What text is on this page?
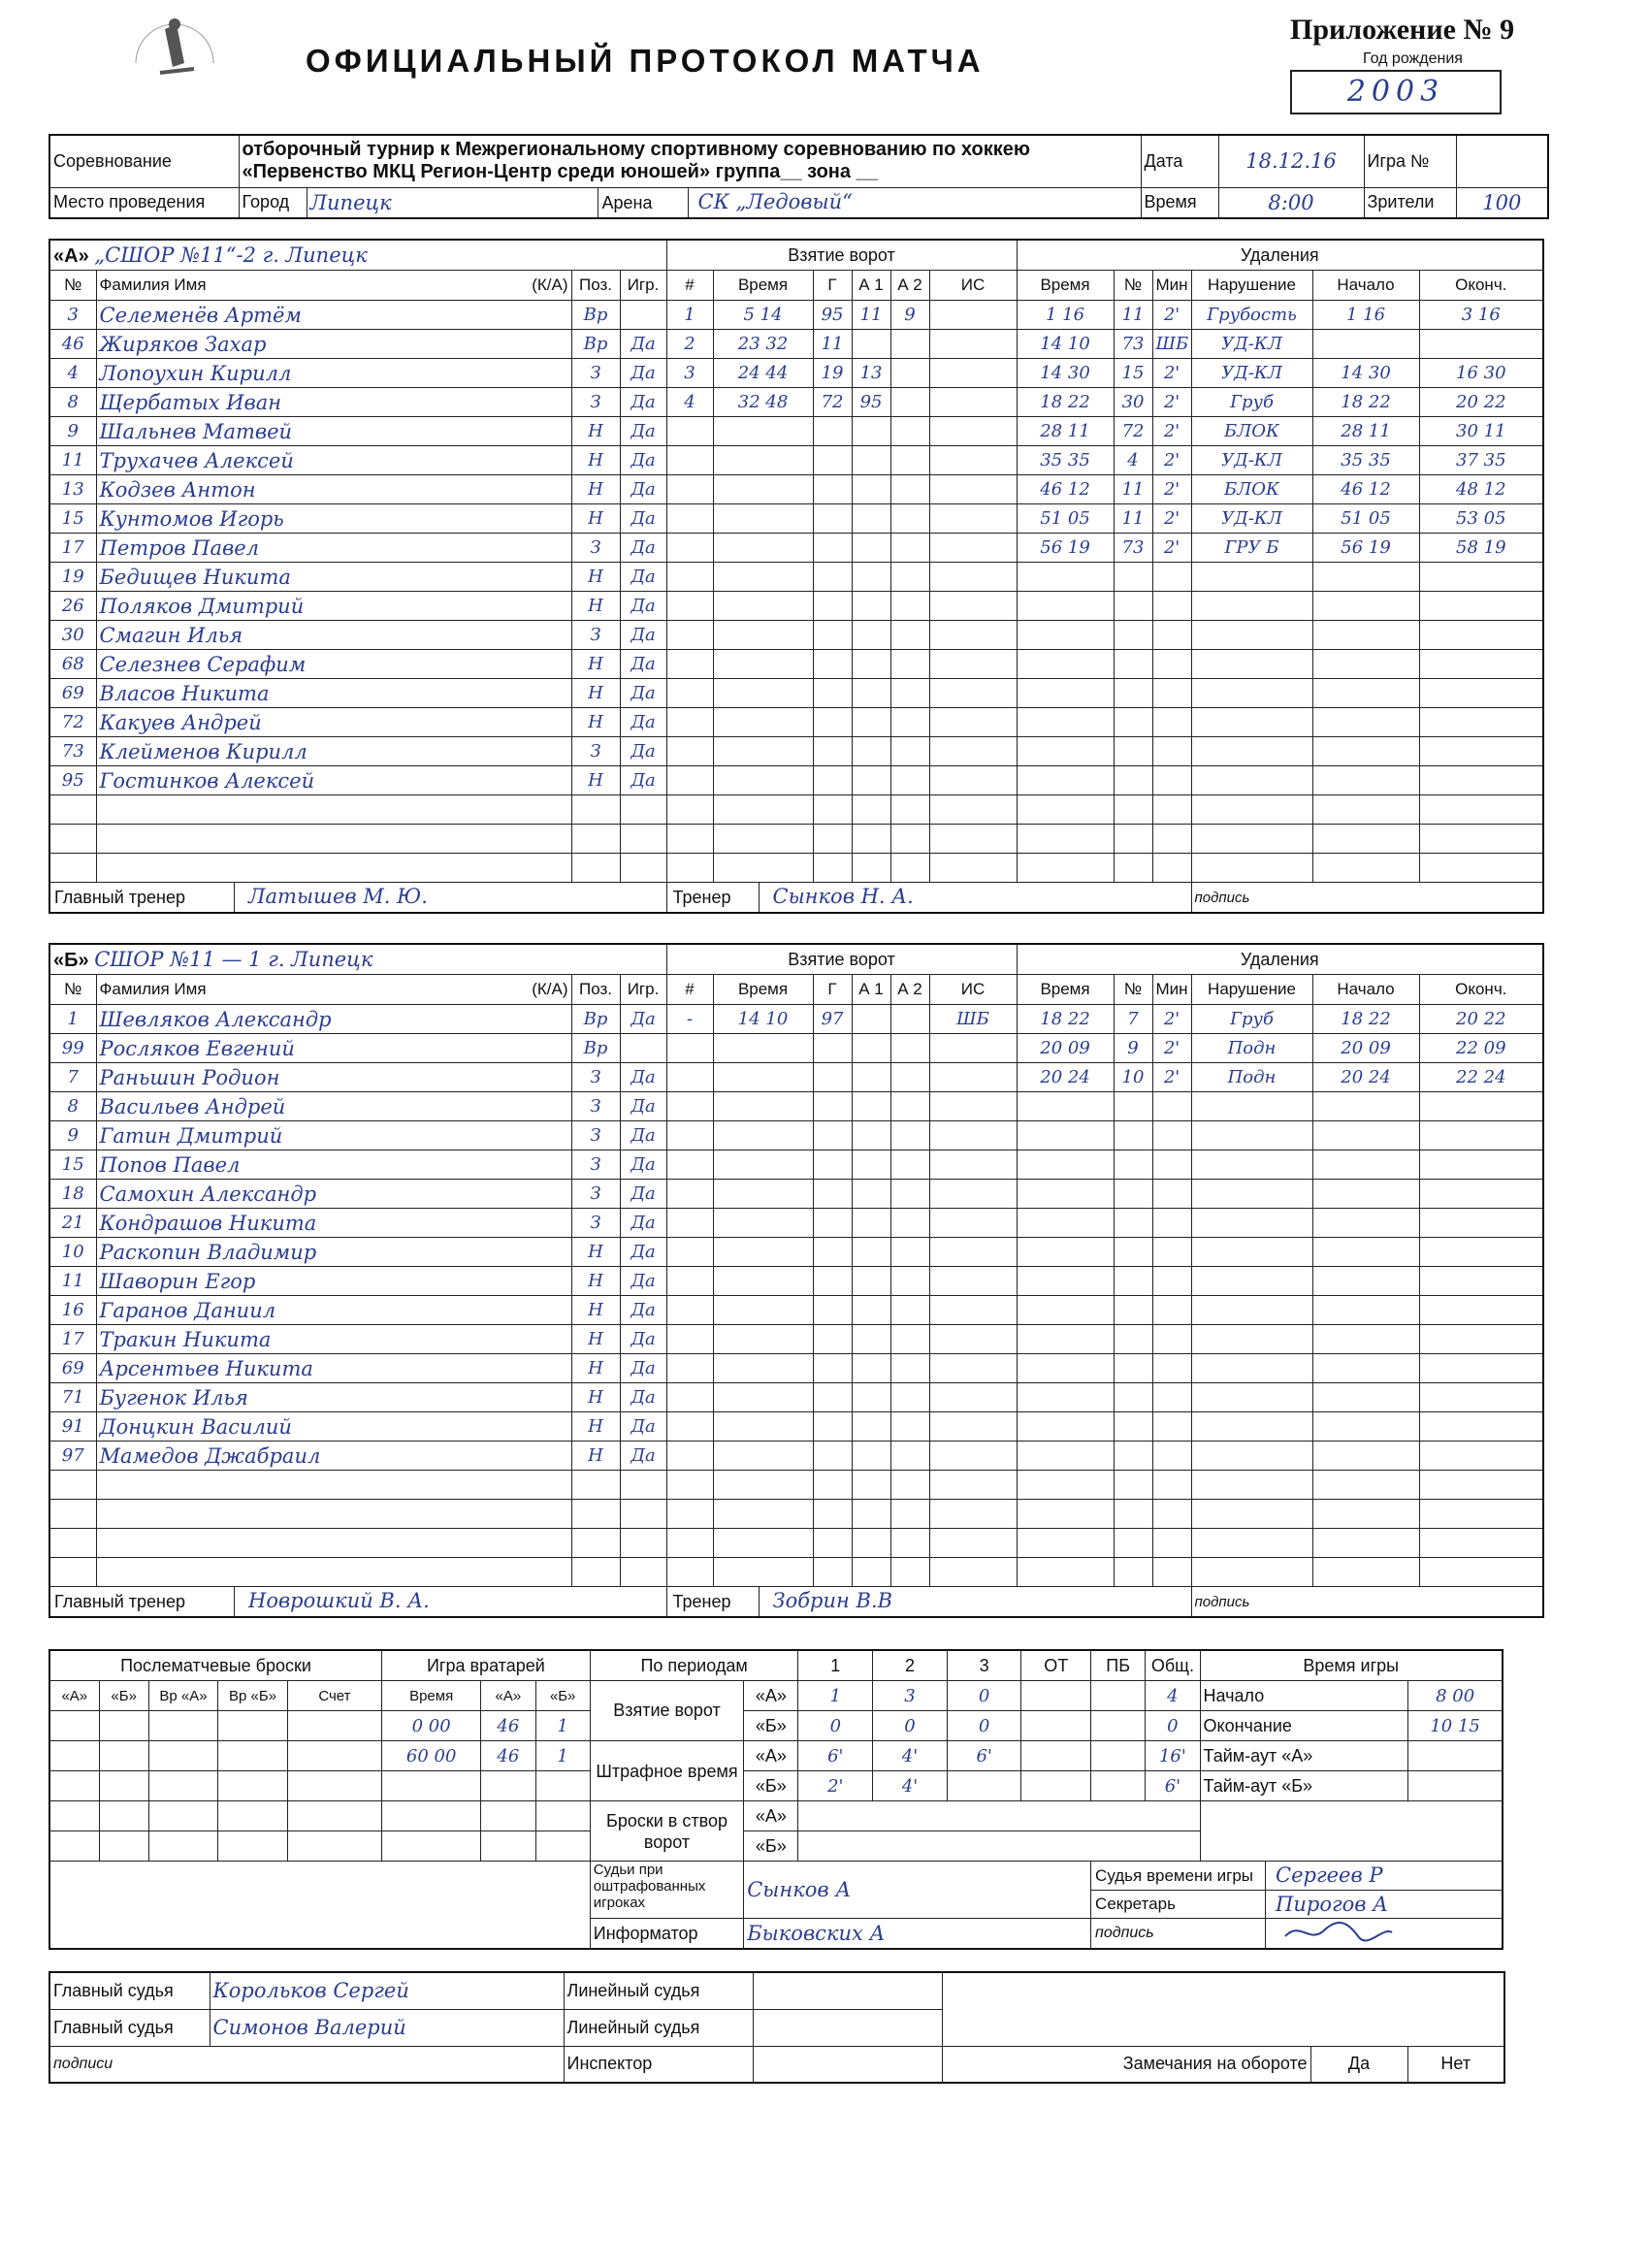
ОФИЦИАЛЬНЫЙ ПРОТОКОЛ МАТЧА
Приложение № 9
Год рождения
2003
Соревнование	отборочный турнир к Межрегиональному спортивному соревнованию по хоккею «Первенство МКЦ Регион-Центр среди юношей» группа__ зона __			Дата	18.12.16	Игра №	
Место проведения	Город	Липецк	Арена СК „Ледовый“	Время	8:00	Зрители	100
«А» „СШОР №11“-2 г. Липецк				Взятие ворот						Удаления					
№	Фамилия Имя (К/А)	Поз.	Игр.	#	Время	Г	А 1	А 2	ИС	Время	№	Мин	Нарушение	Начало	Оконч.
3	Селеменёв Артём	Вр		1	5 14	95	11	9		1 16	11	2'	Грубость	1 16	3 16
46	Жиряков Захар	Вр	Да	2	23 32	11				14 10	73	ШБ	УД-КЛ		
4	Лопоухин Кирилл	З	Да	3	24 44	19	13			14 30	15	2'	УД-КЛ	14 30	16 30
8	Щербатых Иван	З	Да	4	32 48	72	95			18 22	30	2'	Груб	18 22	20 22
9	Шальнев Матвей	Н	Да							28 11	72	2'	БЛОК	28 11	30 11
11	Трухачев Алексей	Н	Да							35 35	4	2'	УД-КЛ	35 35	37 35
13	Кодзев Антон	Н	Да							46 12	11	2'	БЛОК	46 12	48 12
15	Кунтомов Игорь	Н	Да							51 05	11	2'	УД-КЛ	51 05	53 05
17	Петров Павел	З	Да							56 19	73	2'	ГРУ Б	56 19	58 19
19	Бедищев Никита	Н	Да												
26	Поляков Дмитрий	Н	Да												
30	Смагин Илья	З	Да												
68	Селезнев Серафим	Н	Да												
69	Власов Никита	Н	Да												
72	Какуев Андрей	Н	Да												
73	Клейменов Кирилл	З	Да												
95	Гостинков Алексей	Н	Да												

Главный тренер Латышев М. Ю.				Тренер Сынков Н. А.									подпись		
«Б» СШОР №11 — 1 г. Липецк				Взятие ворот						Удаления					
№	Фамилия Имя (К/А)	Поз.	Игр.	#	Время	Г	А 1	А 2	ИС	Время	№	Мин	Нарушение	Начало	Оконч.
1	Шевляков Александр	Вр	Да	-	14 10	97			ШБ	18 22	7	2'	Груб	18 22	20 22
99	Росляков Евгений	Вр								20 09	9	2'	Подн	20 09	22 09
7	Раньшин Родион	З	Да							20 24	10	2'	Подн	20 24	22 24
8	Васильев Андрей	З	Да												
9	Гатин Дмитрий	З	Да												
15	Попов Павел	З	Да												
18	Самохин Александр	З	Да												
21	Кондрашов Никита	З	Да												
10	Раскопин Владимир	Н	Да												
11	Шаворин Егор	Н	Да												
16	Гаранов Даниил	Н	Да												
17	Тракин Никита	Н	Да												
69	Арсентьев Никита	Н	Да												
71	Бугенок Илья	Н	Да												
91	Донцкин Василий	Н	Да												
97	Мамедов Джабраил	Н	Да												

Главный тренер Новрошкий В. А.				Тренер Зобрин В.В									подпись		
Послематчевые броски					Игра вратарей			По периодам		1	2	3	ОТ	ПБ	Общ.	Время игры	
«А»	«Б»	Вр «А»	Вр «Б»	Счет	Время	«А»	«Б»	Взятие ворот	«А»	1	3	0			4	Начало	8 00
					0 00	46	1		«Б»	0	0	0			0	Окончание	10 15
					60 00	46	1	Штрафное время	«А»	6'	4'	6'			16'	Тайм-аут «А»	
									«Б»	2'	4'				6'	Тайм-аут «Б»	
								Броски в створ ворот	«А»								
									«Б»								
								Судьи при оштрафованных игроках	Сынков А					Судья времени игры Сергеев Р
Секретарь Пирогов А			

								Информатор	Быковских А					подпись			
Главный судья	Корольков Сергей	Линейный судья				
Главный судья	Симонов Валерий	Линейный судья				
подписи		Инспектор		Замечания на обороте	Да	Нет
